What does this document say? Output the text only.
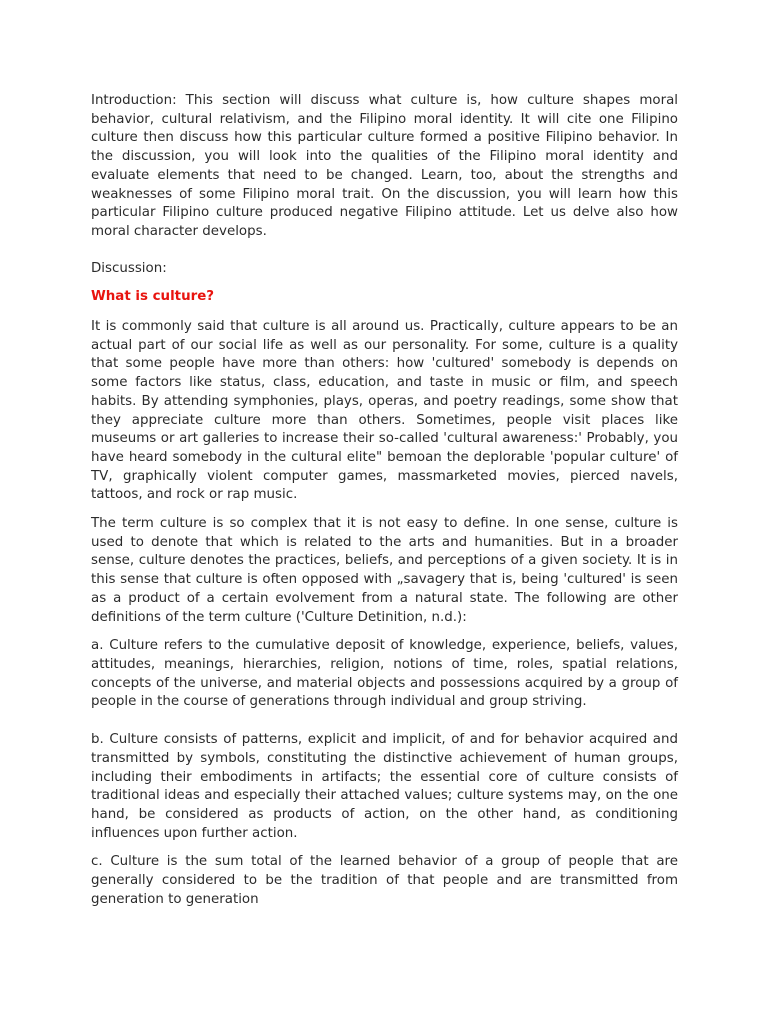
Introduction: This section will discuss what culture is, how culture shapes moral behavior, cultural relativism, and the Filipino moral identity. It will cite one Filipino culture then discuss how this particular culture formed a positive Filipino behavior. In the discussion, you will look into the qualities of the Filipino moral identity and evaluate elements that need to be changed. Learn, too, about the strengths and weaknesses of some Filipino moral trait. On the discussion, you will learn how this particular Filipino culture produced negative Filipino attitude. Let us delve also how moral character develops.

Discussion:

What is culture?

It is commonly said that culture is all around us. Practically, culture appears to be an actual part of our social life as well as our personality. For some, culture is a quality that some people have more than others: how 'cultured' somebody is depends on some factors like status, class, education, and taste in music or film, and speech habits. By attending symphonies, plays, operas, and poetry readings, some show that they appreciate culture more than others. Sometimes, people visit places like museums or art galleries to increase their so-called 'cultural awareness:' Probably, you have heard somebody in the cultural elite" bemoan the deplorable 'popular culture' of TV, graphically violent computer games, massmarketed movies, pierced navels, tattoos, and rock or rap music.

The term culture is so complex that it is not easy to define. In one sense, culture is used to denote that which is related to the arts and humanities. But in a broader sense, culture denotes the practices, beliefs, and perceptions of a given society. It is in this sense that culture is often opposed with „savagery that is, being 'cultured' is seen as a product of a certain evolvement from a natural state. The following are other definitions of the term culture ('Culture Detinition, n.d.):

a. Culture refers to the cumulative deposit of knowledge, experience, beliefs, values, attitudes, meanings, hierarchies, religion, notions of time, roles, spatial relations, concepts of the universe, and material objects and possessions acquired by a group of people in the course of generations through individual and group striving.

b. Culture consists of patterns, explicit and implicit, of and for behavior acquired and transmitted by symbols, constituting the distinctive achievement of human groups, including their embodiments in artifacts; the essential core of culture consists of traditional ideas and especially their attached values; culture systems may, on the one hand, be considered as products of action, on the other hand, as conditioning influences upon further action.

c. Culture is the sum total of the learned behavior of a group of people that are generally considered to be the tradition of that people and are transmitted from generation to generation
